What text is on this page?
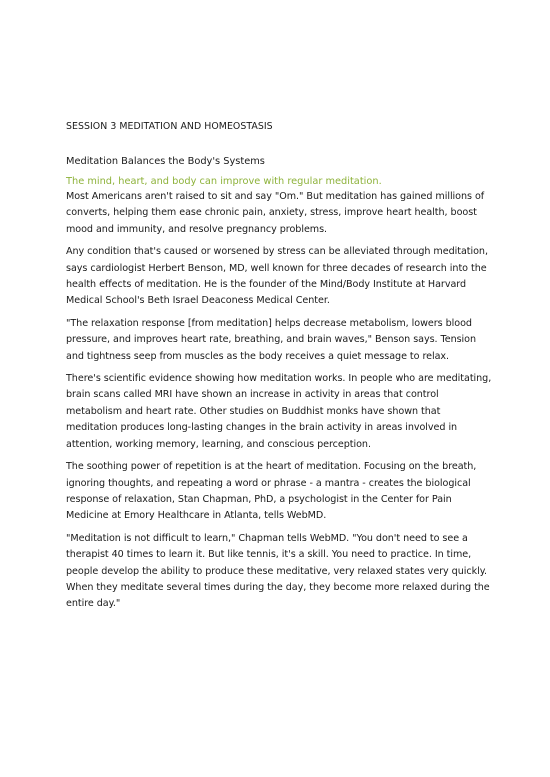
SESSION 3 MEDITATION AND HOMEOSTASIS
Meditation Balances the Body's Systems
The mind, heart, and body can improve with regular meditation.

Most Americans aren't raised to sit and say "Om." But meditation has gained millions of converts, helping them ease chronic pain, anxiety, stress, improve heart health, boost mood and immunity, and resolve pregnancy problems.

Any condition that's caused or worsened by stress can be alleviated through meditation, says cardiologist Herbert Benson, MD, well known for three decades of research into the health effects of meditation. He is the founder of the Mind/Body Institute at Harvard Medical School's Beth Israel Deaconess Medical Center.

"The relaxation response [from meditation] helps decrease metabolism, lowers blood pressure, and improves heart rate, breathing, and brain waves," Benson says. Tension and tightness seep from muscles as the body receives a quiet message to relax.

There's scientific evidence showing how meditation works. In people who are meditating, brain scans called MRI have shown an increase in activity in areas that control metabolism and heart rate. Other studies on Buddhist monks have shown that meditation produces long-lasting changes in the brain activity in areas involved in attention, working memory, learning, and conscious perception.

The soothing power of repetition is at the heart of meditation. Focusing on the breath, ignoring thoughts, and repeating a word or phrase - a mantra - creates the biological response of relaxation, Stan Chapman, PhD, a psychologist in the Center for Pain Medicine at Emory Healthcare in Atlanta, tells WebMD.

"Meditation is not difficult to learn," Chapman tells WebMD. "You don't need to see a therapist 40 times to learn it. But like tennis, it's a skill. You need to practice. In time, people develop the ability to produce these meditative, very relaxed states very quickly. When they meditate several times during the day, they become more relaxed during the entire day."
